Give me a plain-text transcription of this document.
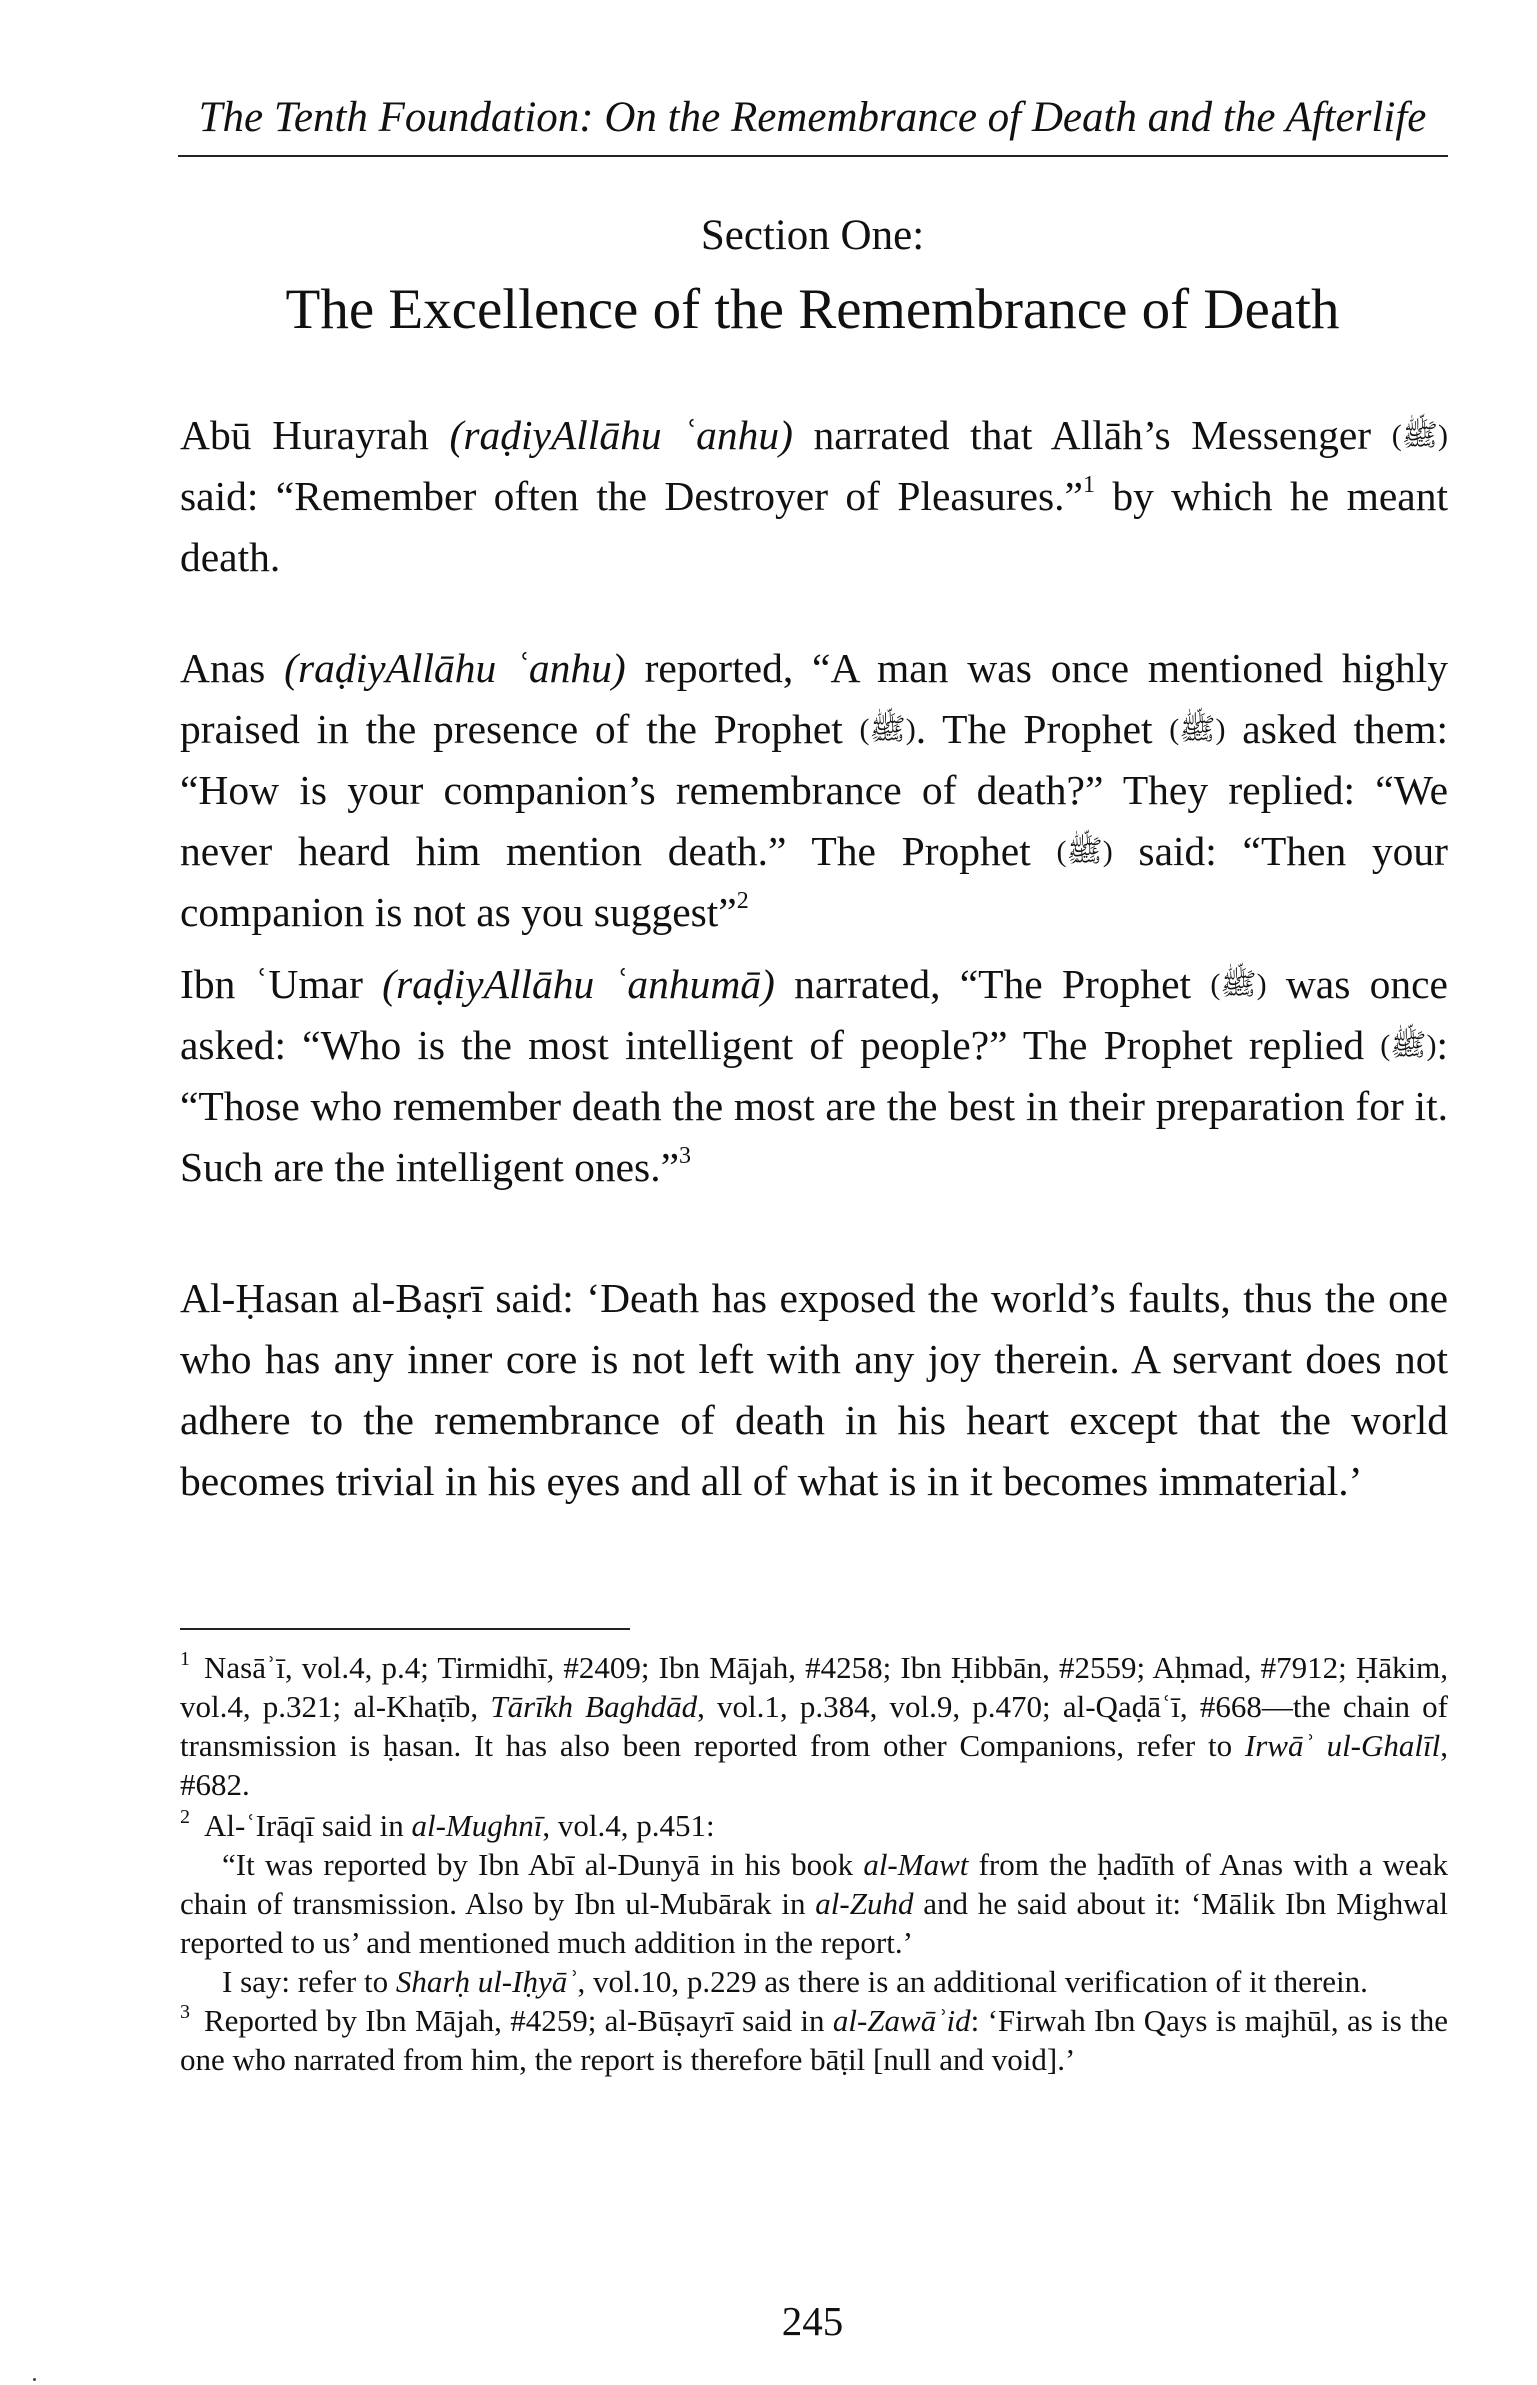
The Tenth Foundation: On the Remembrance of Death and the Afterlife
Section One:
The Excellence of the Remembrance of Death

Abū Hurayrah (raḍiyAllāhu ʿanhu) narrated that Allāh’s Messenger (ﷺ) said: “Remember often the Destroyer of Pleasures.”$^1$ by which he meant death.

Anas (raḍiyAllāhu ʿanhu) reported, “A man was once mentioned highly praised in the presence of the Prophet (ﷺ). The Prophet (ﷺ) asked them: “How is your companion’s remembrance of death?” They replied: “We never heard him mention death.” The Prophet (ﷺ) said: “Then your companion is not as you suggest”$^2$

Ibn ʿUmar (raḍiyAllāhu ʿanhumā) narrated, “The Prophet (ﷺ) was once asked: “Who is the most intelligent of people?” The Prophet replied (ﷺ): “Those who remember death the most are the best in their preparation for it. Such are the intelligent ones.”$^3$

Al-Ḥasan al-Baṣrī said: ‘Death has exposed the world’s faults, thus the one who has any inner core is not left with any joy therein. A servant does not adhere to the remembrance of death in his heart except that the world becomes trivial in his eyes and all of what is in it becomes immaterial.’

$^1$ Nasāʾī, vol.4, p.4; Tirmidhī, #2409; Ibn Mājah, #4258; Ibn Ḥibbān, #2559; Aḥmad, #7912; Ḥākim, vol.4, p.321; al-Khaṭīb, Tārīkh Baghdād, vol.1, p.384, vol.9, p.470; al-Qaḍāʿī, #668—the chain of transmission is ḥasan. It has also been reported from other Companions, refer to Irwāʾ ul-Ghalīl, #682.

$^2$ Al-ʿIrāqī said in al-Mughnī, vol.4, p.451:

“It was reported by Ibn Abī al-Dunyā in his book al-Mawt from the ḥadīth of Anas with a weak chain of transmission. Also by Ibn ul-Mubārak in al-Zuhd and he said about it: ‘Mālik Ibn Mighwal reported to us’ and mentioned much addition in the report.’

I say: refer to Sharḥ ul-Iḥyāʾ, vol.10, p.229 as there is an additional verification of it therein.

$^3$ Reported by Ibn Mājah, #4259; al-Būṣayrī said in al-Zawāʾid: ‘Firwah Ibn Qays is majhūl, as is the one who narrated from him, the report is therefore bāṭil [null and void].’

245
